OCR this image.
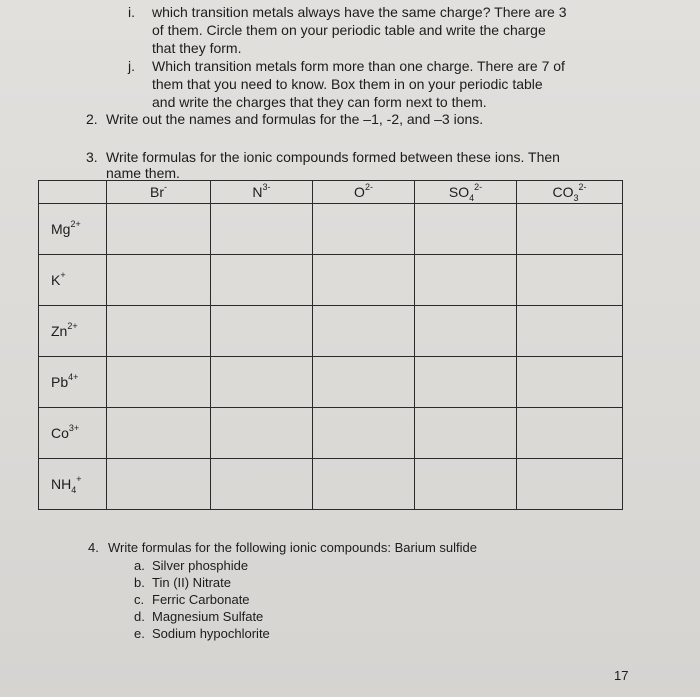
i. which transition metals always have the same charge? There are 3
of them. Circle them on your periodic table and write the charge
that they form.
j. Which transition metals form more than one charge. There are 7 of
them that you need to know. Box them in on your periodic table
and write the charges that they can form next to them.
2. Write out the names and formulas for the –1, -2, and –3 ions.
3. Write formulas for the ionic compounds formed between these ions. Then
name them.
	Br-	$N^{3-}$	$O^{2-}$	$SO_4^{2-}$	$CO_3^{2-}$
$Mg^{2+}$					
K+					
$Zn^{2+}$					
$Pb^{4+}$					
$Co^{3+}$					
$NH_4^+$					
4. Write formulas for the following ionic compounds: Barium sulfide
a. Silver phosphide
b. Tin (II) Nitrate
c. Ferric Carbonate
d. Magnesium Sulfate
e. Sodium hypochlorite
17
